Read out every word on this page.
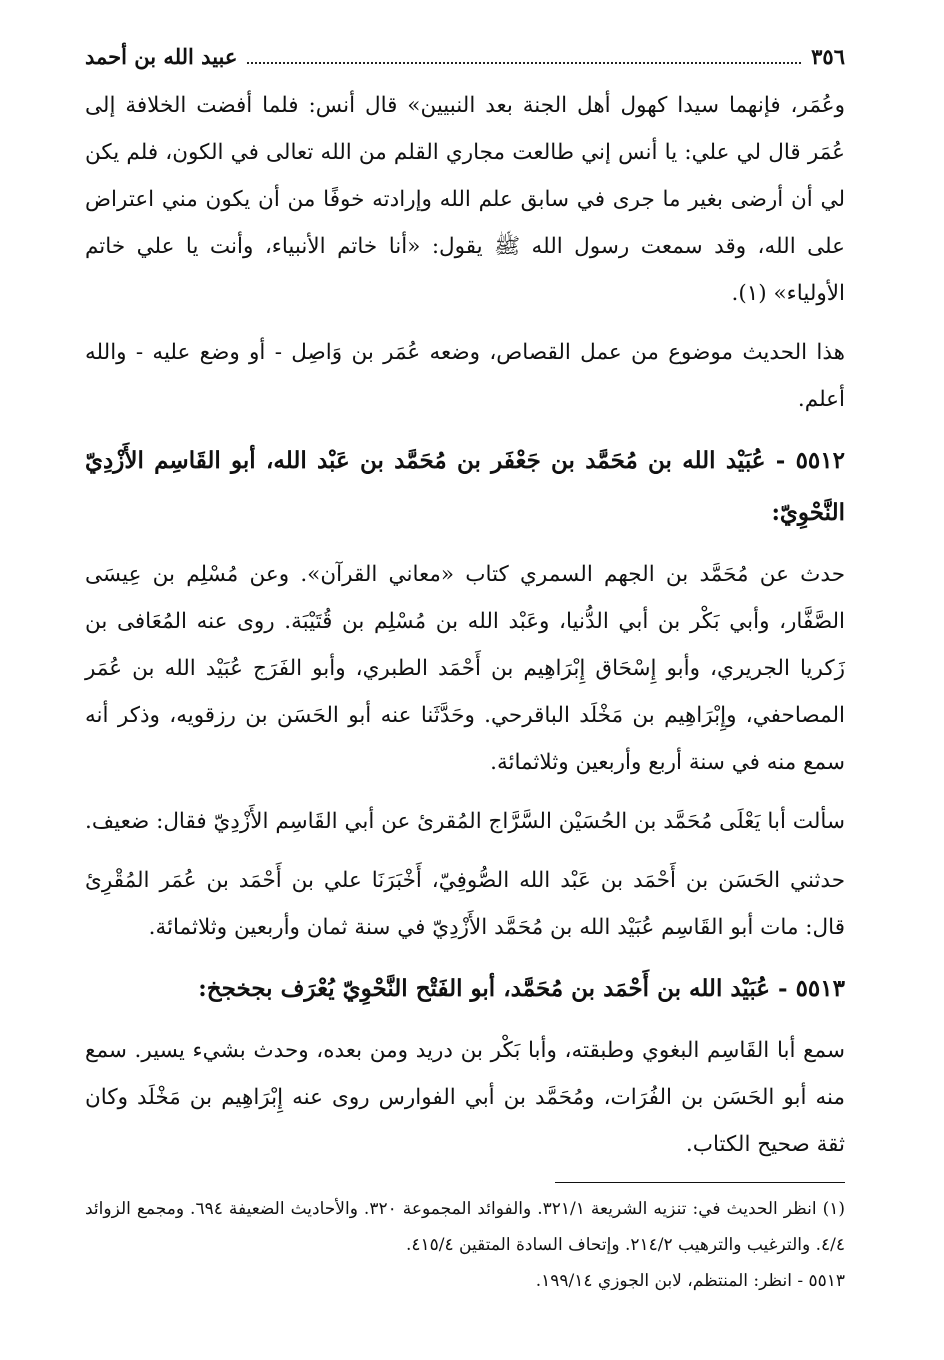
٣٥٦
عبيد الله بن أحمد

وعُمَر، فإنهما سيدا كهول أهل الجنة بعد النبيين» قال أنس: فلما أفضت الخلافة إلى عُمَر قال لي علي: يا أنس إني طالعت مجاري القلم من الله تعالى في الكون، فلم يكن لي أن أرضى بغير ما جرى في سابق علم الله وإرادته خوفًا من أن يكون مني اعتراض على الله، وقد سمعت رسول الله ﷺ يقول: «أنا خاتم الأنبياء، وأنت يا علي خاتم الأولياء» (١).

هذا الحديث موضوع من عمل القصاص، وضعه عُمَر بن وَاصِل - أو وضع عليه - والله أعلم.

٥٥١٢ - عُبَيْد الله بن مُحَمَّد بن جَعْفَر بن مُحَمَّد بن عَبْد الله، أبو القَاسِم الأَزْدِيّ النَّحْوِيّ:

حدث عن مُحَمَّد بن الجهم السمري كتاب «معاني القرآن». وعن مُسْلِم بن عِيسَى الصَّفَّار، وأبي بَكْر بن أبي الدُّنيا، وعَبْد الله بن مُسْلِم بن قُتَيْبَة. روى عنه المُعَافى بن زَكريا الجريري، وأبو إِسْحَاق إِبْرَاهِيم بن أَحْمَد الطبري، وأبو الفَرَج عُبَيْد الله بن عُمَر المصاحفي، وإِبْرَاهِيم بن مَخْلَد الباقرحي. وحَدَّثَنا عنه أبو الحَسَن بن رزقويه، وذكر أنه سمع منه في سنة أربع وأربعين وثلاثمائة.

سألت أبا يَعْلَى مُحَمَّد بن الحُسَيْن السَّرَّاج المُقرئ عن أبي القَاسِم الأَزْدِيّ فقال: ضعيف.

حدثني الحَسَن بن أَحْمَد بن عَبْد الله الصُّوفِيّ، أَخْبَرَنَا علي بن أَحْمَد بن عُمَر المُقْرِئ قال: مات أبو القَاسِم عُبَيْد الله بن مُحَمَّد الأَزْدِيّ في سنة ثمان وأربعين وثلاثمائة.

٥٥١٣ - عُبَيْد الله بن أَحْمَد بن مُحَمَّد، أبو الفَتْح النَّحْوِيّ يُعْرَف بجخجخ:

سمع أبا القَاسِم البغوي وطبقته، وأبا بَكْر بن دريد ومن بعده، وحدث بشيء يسير. سمع منه أبو الحَسَن بن الفُرَات، ومُحَمَّد بن أبي الفوارس روى عنه إِبْرَاهِيم بن مَخْلَد وكان ثقة صحيح الكتاب.

(١) انظر الحديث في: تنزيه الشريعة ٣٢١/١. والفوائد المجموعة ٣٢٠. والأحاديث الضعيفة ٦٩٤. ومجمع الزوائد ٤/٤. والترغيب والترهيب ٢١٤/٢. وإتحاف السادة المتقين ٤١٥/٤.

٥٥١٣ - انظر: المنتظم، لابن الجوزي ١٩٩/١٤.
